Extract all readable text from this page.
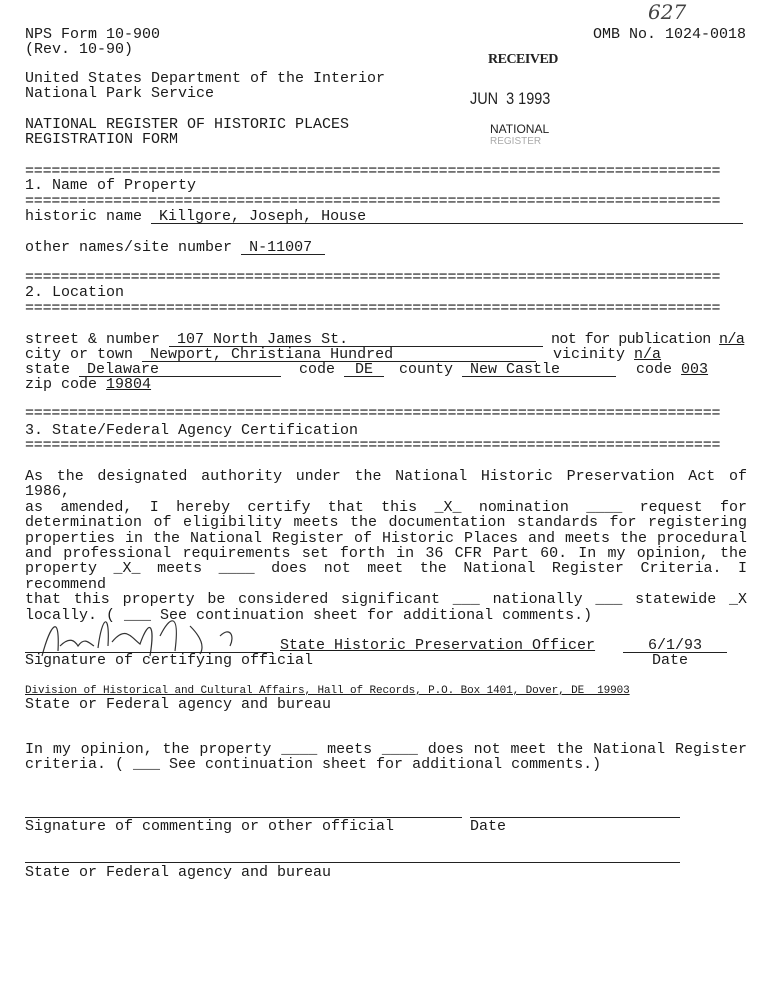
627
NPS Form 10-900
(Rev. 10-90)
OMB No. 1024-0018
United States Department of the Interior
National Park Service
NATIONAL REGISTER OF HISTORIC PLACES
REGISTRATION FORM
RECEIVED
JUN  3 1993
NATIONAL
REGISTER
===============================================================================
1. Name of Property
===============================================================================
historic name Killgore, Joseph, House
other names/site number N-11007
===============================================================================
2. Location
===============================================================================
street & number 107 North James St.	not for publication n/a
city or town Newport, Christiana Hundred	vicinity n/a
state Delaware	code DE	county New Castle	code 003
zip code 19804
===============================================================================
3. State/Federal Agency Certification
===============================================================================
As the designated authority under the National Historic Preservation Act of 1986,
as amended, I hereby certify that this _X_ nomination ____ request for
determination of eligibility meets the documentation standards for registering
properties in the National Register of Historic Places and meets the procedural
and professional requirements set forth in 36 CFR Part 60. In my opinion, the
property _X_ meets ____ does not meet the National Register Criteria. I recommend
that this property be considered significant ___ nationally ___ statewide _X
locally. ( ___ See continuation sheet for additional comments.)
State Historic Preservation Officer	6/1/93
Signature of certifying official	Date
Division of Historical and Cultural Affairs, Hall of Records, P.O. Box 1401, Dover, DE  19903
State or Federal agency and bureau
In my opinion, the property ____ meets ____ does not meet the National Register
criteria. ( ___ See continuation sheet for additional comments.)
Signature of commenting or other official	Date
State or Federal agency and bureau
